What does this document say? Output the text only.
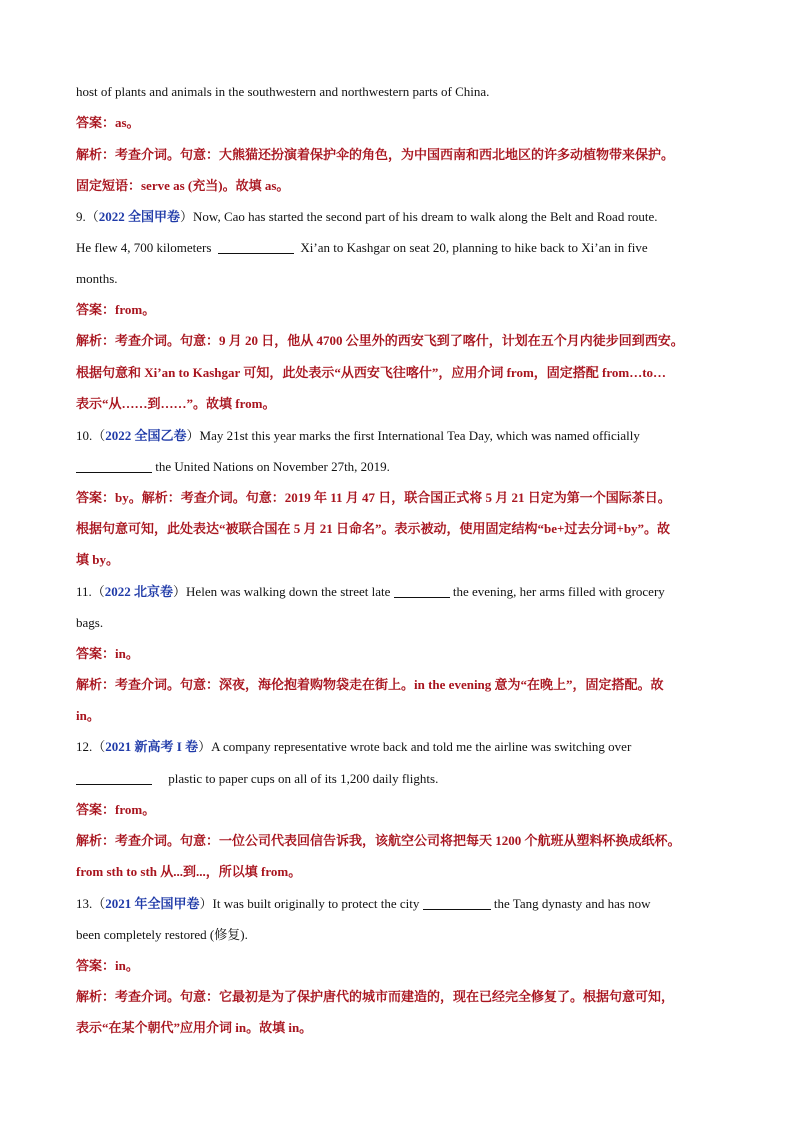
host of plants and animals in the southwestern and northwestern parts of China.
答案：as。
解析：考查介词。句意：大熊猫还扮演着保护伞的角色，为中国西南和西北地区的许多动植物带来保护。
固定短语：serve as (充当)。故填 as。
9.（2022 全国甲卷）Now, Cao has started the second part of his dream to walk along the Belt and Road route.
He flew 4, 700 kilometers	Xi’an to Kashgar on seat 20, planning to hike back to Xi’an in five
months.
答案：from。
解析：考查介词。句意：9 月 20 日，他从 4700 公里外的西安飞到了喀什，计划在五个月内徒步回到西安。
根据句意和 Xi’an to Kashgar 可知，此处表示“从西安飞往喀什”，应用介词 from，固定搭配 from…to…
表示“从……到……”。故填 from。
10.（2022 全国乙卷）May 21st this year marks the first International Tea Day, which was named officially
the United Nations on November 27th, 2019.
答案：by。解析：考查介词。句意：2019 年 11 月 47 日，联合国正式将 5 月 21 日定为第一个国际茶日。
根据句意可知，此处表达“被联合国在 5 月 21 日命名”。表示被动，使用固定结构“be+过去分词+by”。故
填 by。
11.（2022 北京卷）Helen was walking down the street late	the evening, her arms filled with grocery
bags.
答案：in。
解析：考查介词。句意：深夜，海伦抱着购物袋走在街上。in the evening 意为“在晚上”，固定搭配。故
in。
12.（2021 新高考 I 卷）A company representative wrote back and told me the airline was switching over
plastic to paper cups on all of its 1,200 daily flights.
答案：from。
解析：考查介词。句意：一位公司代表回信告诉我，该航空公司将把每天 1200 个航班从塑料杯换成纸杯。
from sth to sth 从...到...，所以填 from。
13.（2021 年全国甲卷）It was built originally to protect the city	the Tang dynasty and has now
been completely restored (修复).
答案：in。
解析：考查介词。句意：它最初是为了保护唐代的城市而建造的，现在已经完全修复了。根据句意可知，
表示“在某个朝代”应用介词 in。故填 in。
